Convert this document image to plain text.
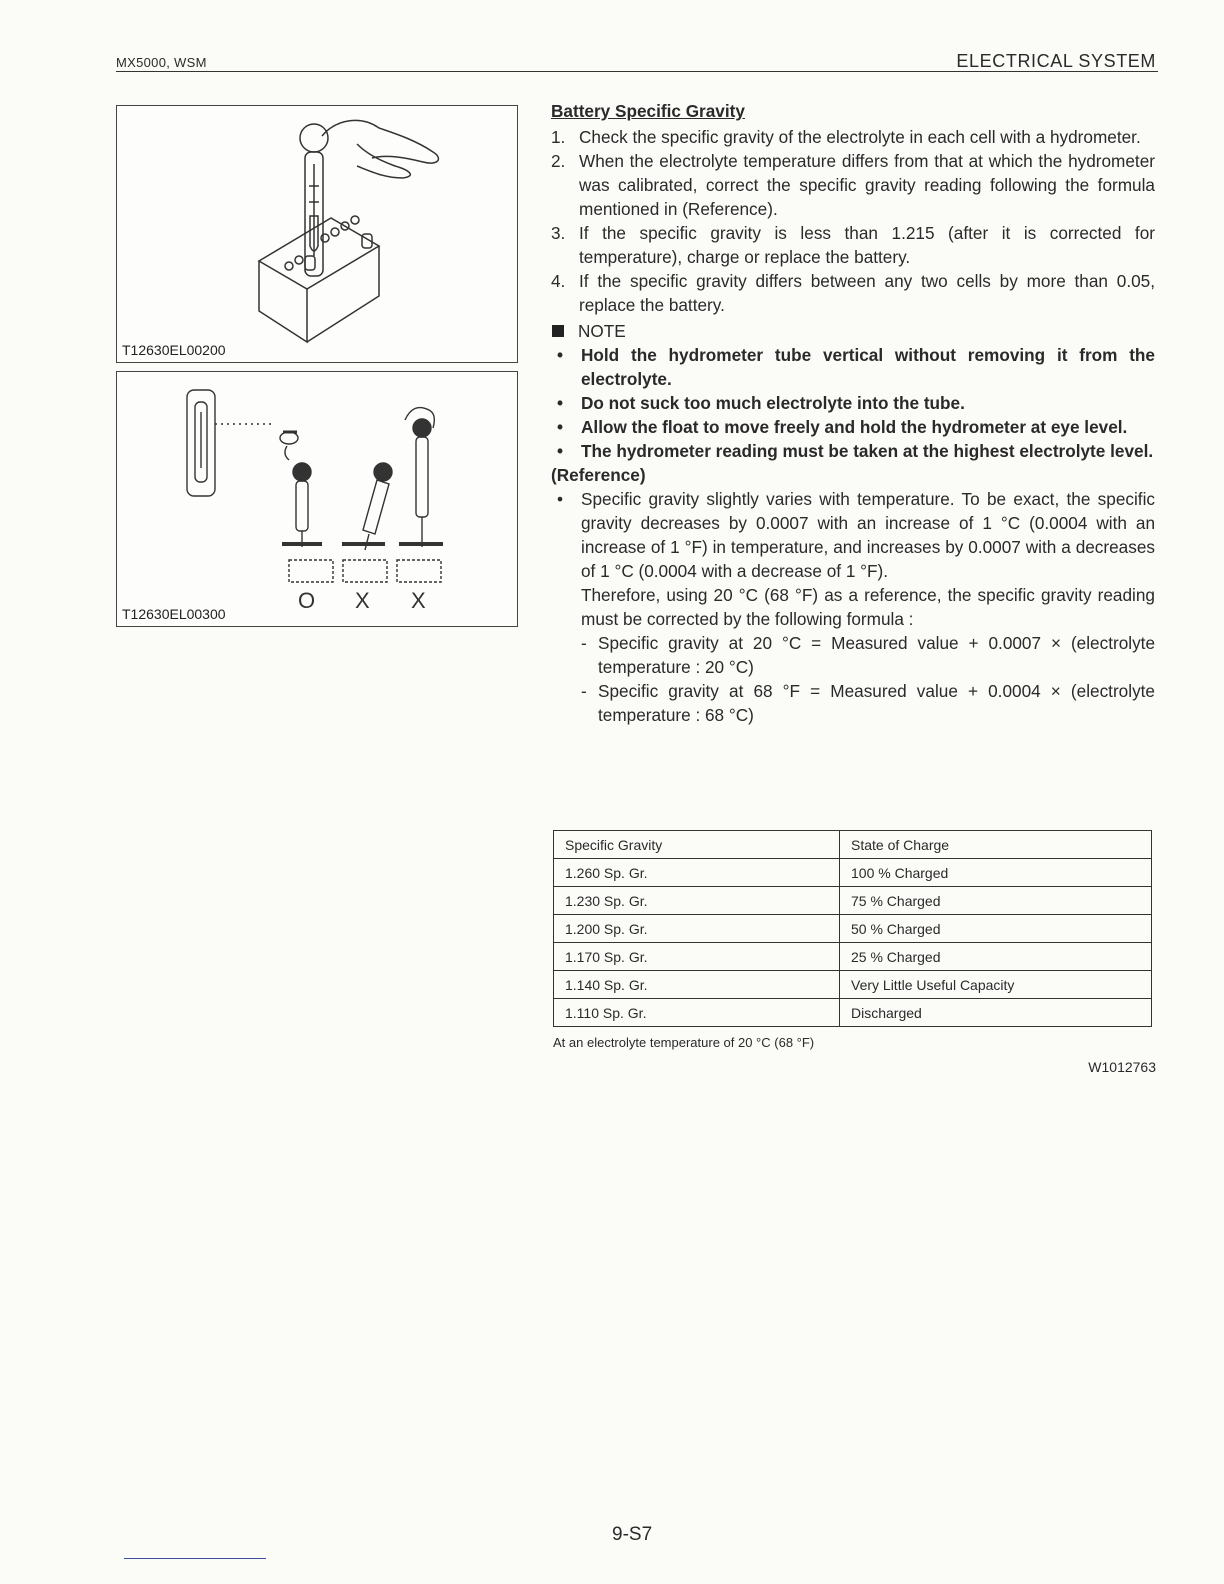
MX5000, WSM	ELECTRICAL SYSTEM
T12630EL00200
O X X
T12630EL00300
Battery Specific Gravity
1. Check the specific gravity of the electrolyte in each cell with a hydrometer.
2. When the electrolyte temperature differs from that at which the hydrometer was calibrated, correct the specific gravity reading following the formula mentioned in (Reference).
3. If the specific gravity is less than 1.215 (after it is corrected for temperature), charge or replace the battery.
4. If the specific gravity differs between any two cells by more than 0.05, replace the battery.
NOTE
• Hold the hydrometer tube vertical without removing it from the electrolyte.
• Do not suck too much electrolyte into the tube.
• Allow the float to move freely and hold the hydrometer at eye level.
• The hydrometer reading must be taken at the highest electrolyte level.
(Reference)
• Specific gravity slightly varies with temperature. To be exact, the specific gravity decreases by 0.0007 with an increase of 1 °C (0.0004 with an increase of 1 °F) in temperature, and increases by 0.0007 with a decreases of 1 °C (0.0004 with a decrease of 1 °F).
Therefore, using 20 °C (68 °F) as a reference, the specific gravity reading must be corrected by the following formula :
- Specific gravity at 20 °C = Measured value + 0.0007 × (electrolyte temperature : 20 °C)
- Specific gravity at 68 °F = Measured value + 0.0004 × (electrolyte temperature : 68 °C)
Specific Gravity	State of Charge
1.260 Sp. Gr.	100 % Charged
1.230 Sp. Gr.	75 % Charged
1.200 Sp. Gr.	50 % Charged
1.170 Sp. Gr.	25 % Charged
1.140 Sp. Gr.	Very Little Useful Capacity
1.110 Sp. Gr.	Discharged
At an electrolyte temperature of 20 °C (68 °F)
W1012763
9-S7
